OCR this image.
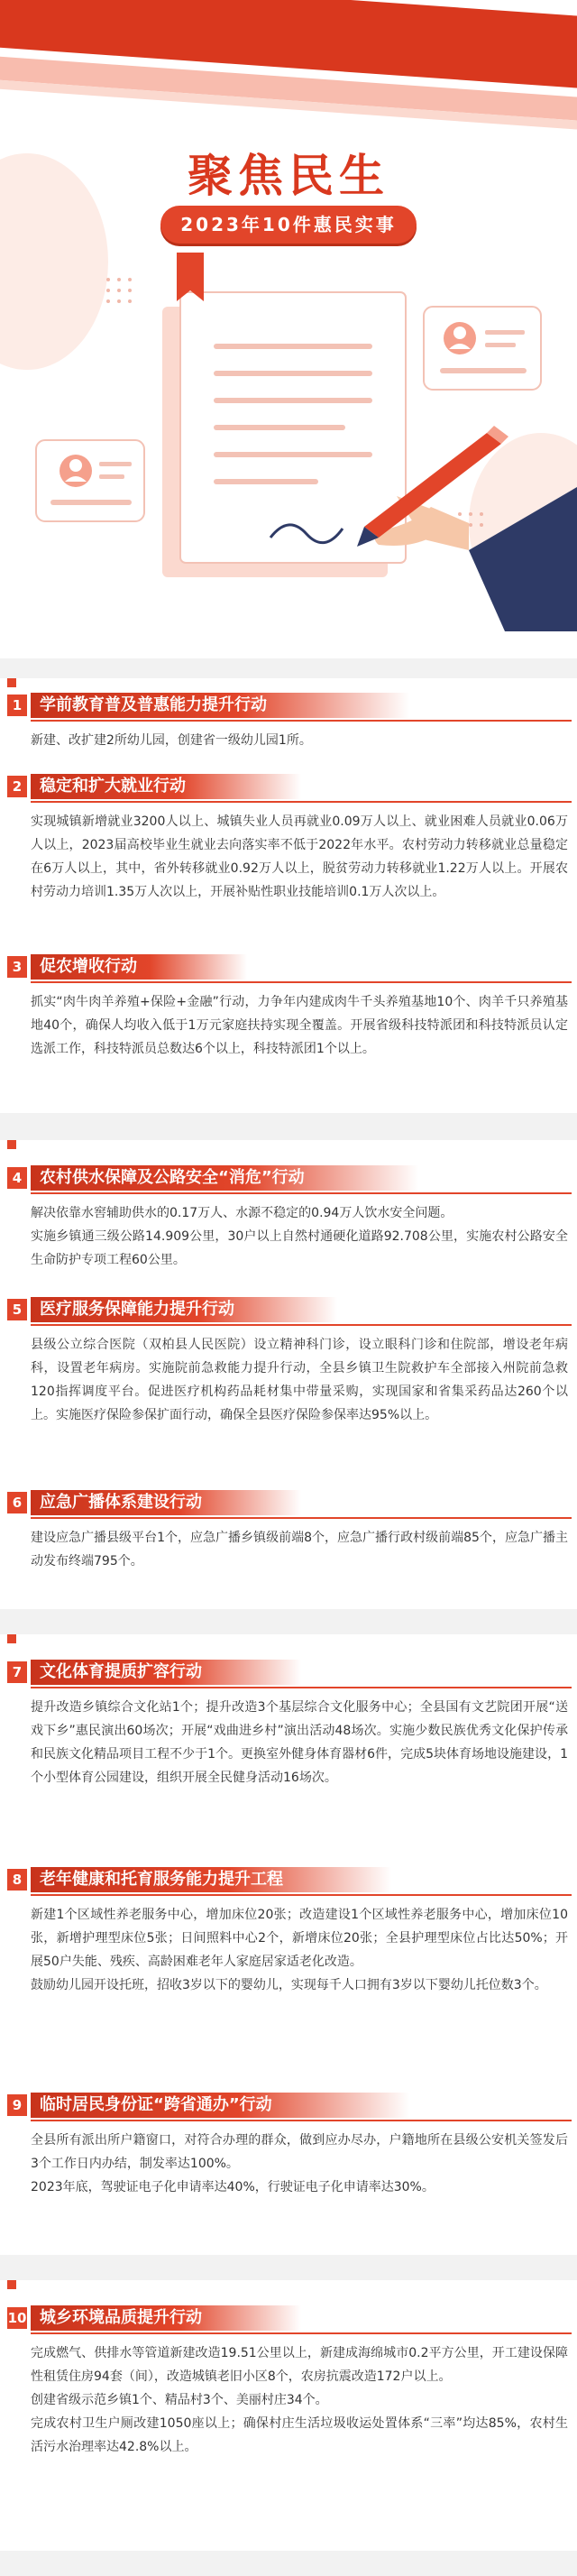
聚焦民生
2023年10件惠民实事
1	学前教育普及普惠能力提升行动

新建、改扩建2所幼儿园，创建省一级幼儿园1所。

2	稳定和扩大就业行动

实现城镇新增就业3200人以上、城镇失业人员再就业0.09万人以上、就业困难人员就业0.06万人以上，2023届高校毕业生就业去向落实率不低于2022年水平。农村劳动力转移就业总量稳定在6万人以上，其中，省外转移就业0.92万人以上，脱贫劳动力转移就业1.22万人以上。开展农村劳动力培训1.35万人次以上，开展补贴性职业技能培训0.1万人次以上。

3	促农增收行动

抓实“肉牛肉羊养殖+保险+金融”行动，力争年内建成肉牛千头养殖基地10个、肉羊千只养殖基地40个，确保人均收入低于1万元家庭扶持实现全覆盖。开展省级科技特派团和科技特派员认定选派工作，科技特派员总数达6个以上，科技特派团1个以上。

4	农村供水保障及公路安全“消危”行动

解决依靠水窖辅助供水的0.17万人、水源不稳定的0.94万人饮水安全问题。

实施乡镇通三级公路14.909公里，30户以上自然村通硬化道路92.708公里，实施农村公路安全生命防护专项工程60公里。

5	医疗服务保障能力提升行动

县级公立综合医院（双柏县人民医院）设立精神科门诊，设立眼科门诊和住院部，增设老年病科，设置老年病房。实施院前急救能力提升行动，全县乡镇卫生院救护车全部接入州院前急救120指挥调度平台。促进医疗机构药品耗材集中带量采购，实现国家和省集采药品达260个以上。实施医疗保险参保扩面行动，确保全县医疗保险参保率达95%以上。

6	应急广播体系建设行动

建设应急广播县级平台1个，应急广播乡镇级前端8个，应急广播行政村级前端85个，应急广播主动发布终端795个。

7	文化体育提质扩容行动

提升改造乡镇综合文化站1个；提升改造3个基层综合文化服务中心；全县国有文艺院团开展“送戏下乡”惠民演出60场次；开展“戏曲进乡村”演出活动48场次。实施少数民族优秀文化保护传承和民族文化精品项目工程不少于1个。更换室外健身体育器材6件，完成5块体育场地设施建设，1个小型体育公园建设，组织开展全民健身活动16场次。

8	老年健康和托育服务能力提升工程

新建1个区域性养老服务中心，增加床位20张；改造建设1个区域性养老服务中心，增加床位10张，新增护理型床位5张；日间照料中心2个，新增床位20张；全县护理型床位占比达50%；开展50户失能、残疾、高龄困难老年人家庭居家适老化改造。

鼓励幼儿园开设托班，招收3岁以下的婴幼儿，实现每千人口拥有3岁以下婴幼儿托位数3个。

9	临时居民身份证“跨省通办”行动

全县所有派出所户籍窗口，对符合办理的群众，做到应办尽办，户籍地所在县级公安机关签发后3个工作日内办结，制发率达100%。

2023年底，驾驶证电子化申请率达40%，行驶证电子化申请率达30%。

10 城乡环境品质提升行动

完成燃气、供排水等管道新建改造19.51公里以上，新建成海绵城市0.2平方公里，开工建设保障性租赁住房94套（间），改造城镇老旧小区8个，农房抗震改造172户以上。

创建省级示范乡镇1个、精品村3个、美丽村庄34个。

完成农村卫生户厕改建1050座以上；确保村庄生活垃圾收运处置体系“三率”均达85%，农村生活污水治理率达42.8%以上。
